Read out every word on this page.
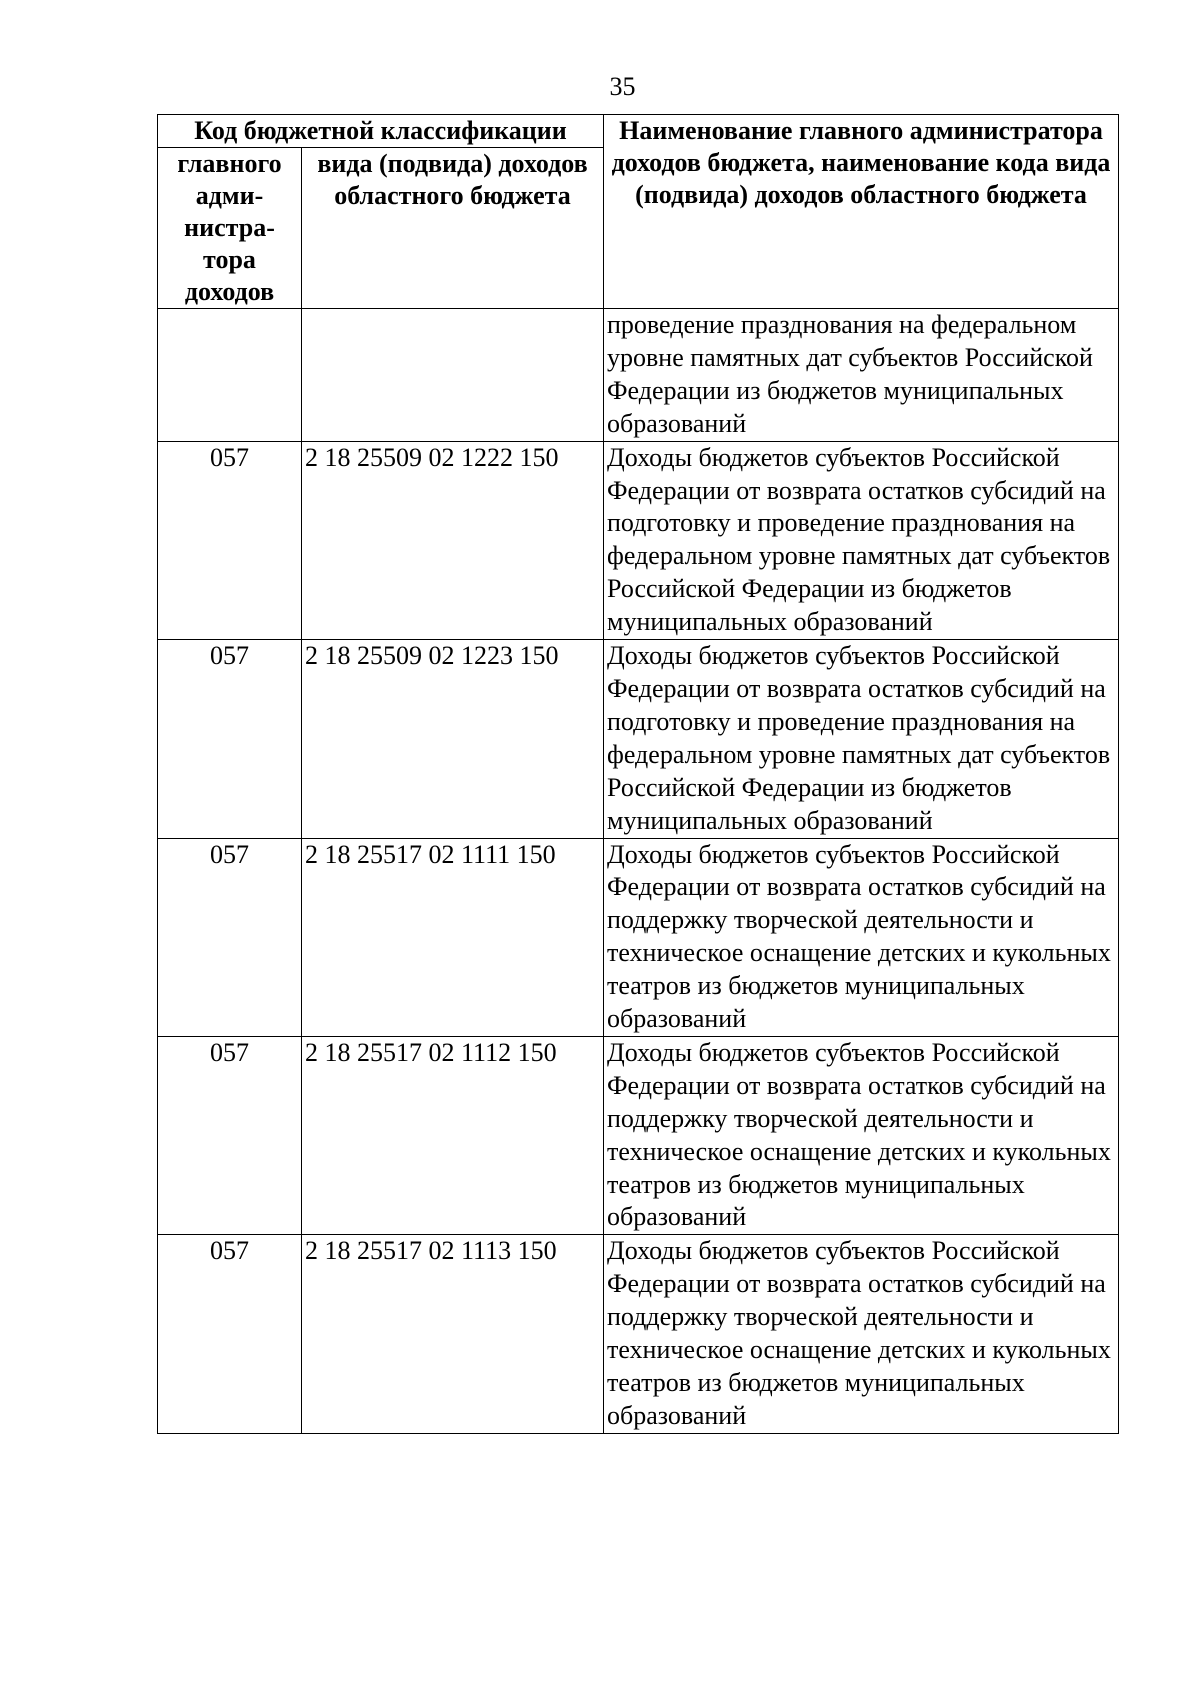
35
Код бюджетной классификации		Наименование главного администратора доходов бюджета, наименование кода вида (подвида) доходов областного бюджета
главного адми- нистра- тора доходов	вида (подвида) доходов областного бюджета	
		проведение празднования на федеральном уровне памятных дат субъектов Российской Федерации из бюджетов муниципальных образований
057	2 18 25509 02 1222 150	Доходы бюджетов субъектов Российской Федерации от возврата остатков субсидий на подготовку и проведение празднования на федеральном уровне памятных дат субъектов Российской Федерации из бюджетов муниципальных образований
057	2 18 25509 02 1223 150	Доходы бюджетов субъектов Российской Федерации от возврата остатков субсидий на подготовку и проведение празднования на федеральном уровне памятных дат субъектов Российской Федерации из бюджетов муниципальных образований
057	2 18 25517 02 1111 150	Доходы бюджетов субъектов Российской Федерации от возврата остатков субсидий на поддержку творческой деятельности и техническое оснащение детских и кукольных театров из бюджетов муниципальных образований
057	2 18 25517 02 1112 150	Доходы бюджетов субъектов Российской Федерации от возврата остатков субсидий на поддержку творческой деятельности и техническое оснащение детских и кукольных театров из бюджетов муниципальных образований
057	2 18 25517 02 1113 150	Доходы бюджетов субъектов Российской Федерации от возврата остатков субсидий на поддержку творческой деятельности и техническое оснащение детских и кукольных театров из бюджетов муниципальных образований
